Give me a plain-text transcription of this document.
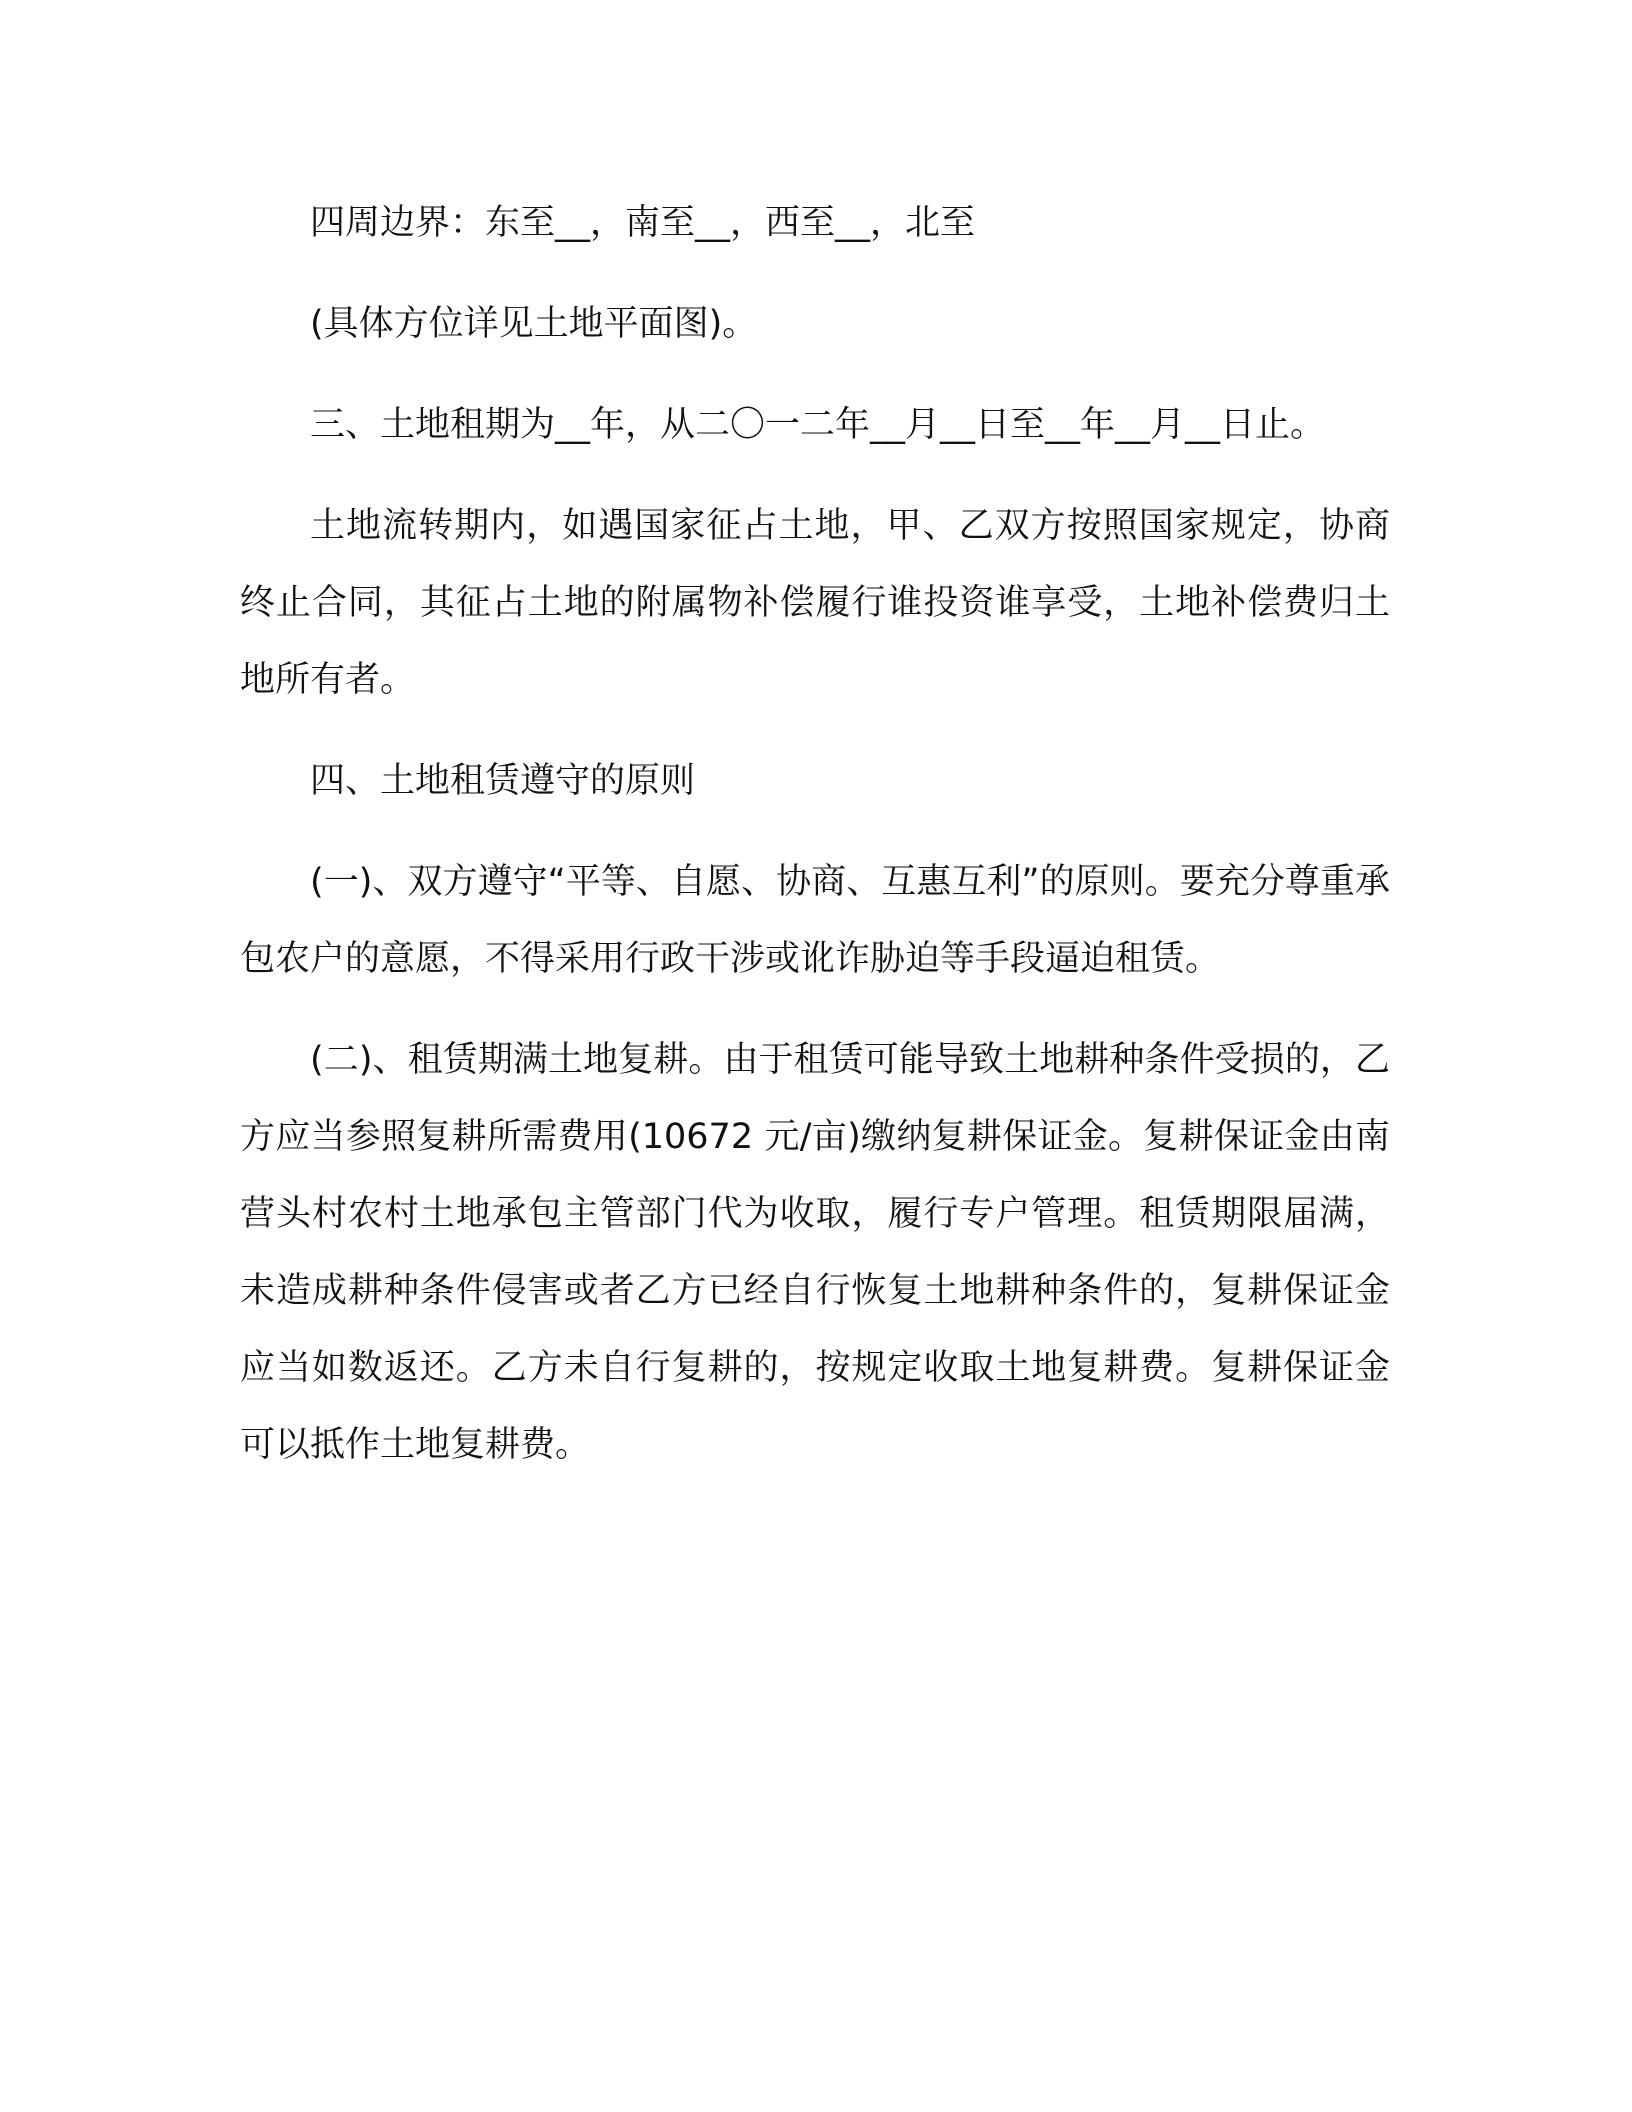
四周边界：东至__，南至__，西至__，北至

(具体方位详见土地平面图)。

三、土地租期为__年，从二〇一二年__月__日至__年__月__日止。

土地流转期内，如遇国家征占土地，甲、乙双方按照国家规定，协商终止合同，其征占土地的附属物补偿履行谁投资谁享受，土地补偿费归土地所有者。

四、土地租赁遵守的原则

(一)、双方遵守“平等、自愿、协商、互惠互利”的原则。要充分尊重承包农户的意愿，不得采用行政干涉或讹诈胁迫等手段逼迫租赁。

(二)、租赁期满土地复耕。由于租赁可能导致土地耕种条件受损的，乙方应当参照复耕所需费用(10672 元/亩)缴纳复耕保证金。复耕保证金由南营头村农村土地承包主管部门代为收取，履行专户管理。租赁期限届满，未造成耕种条件侵害或者乙方已经自行恢复土地耕种条件的，复耕保证金应当如数返还。乙方未自行复耕的，按规定收取土地复耕费。复耕保证金可以抵作土地复耕费。
